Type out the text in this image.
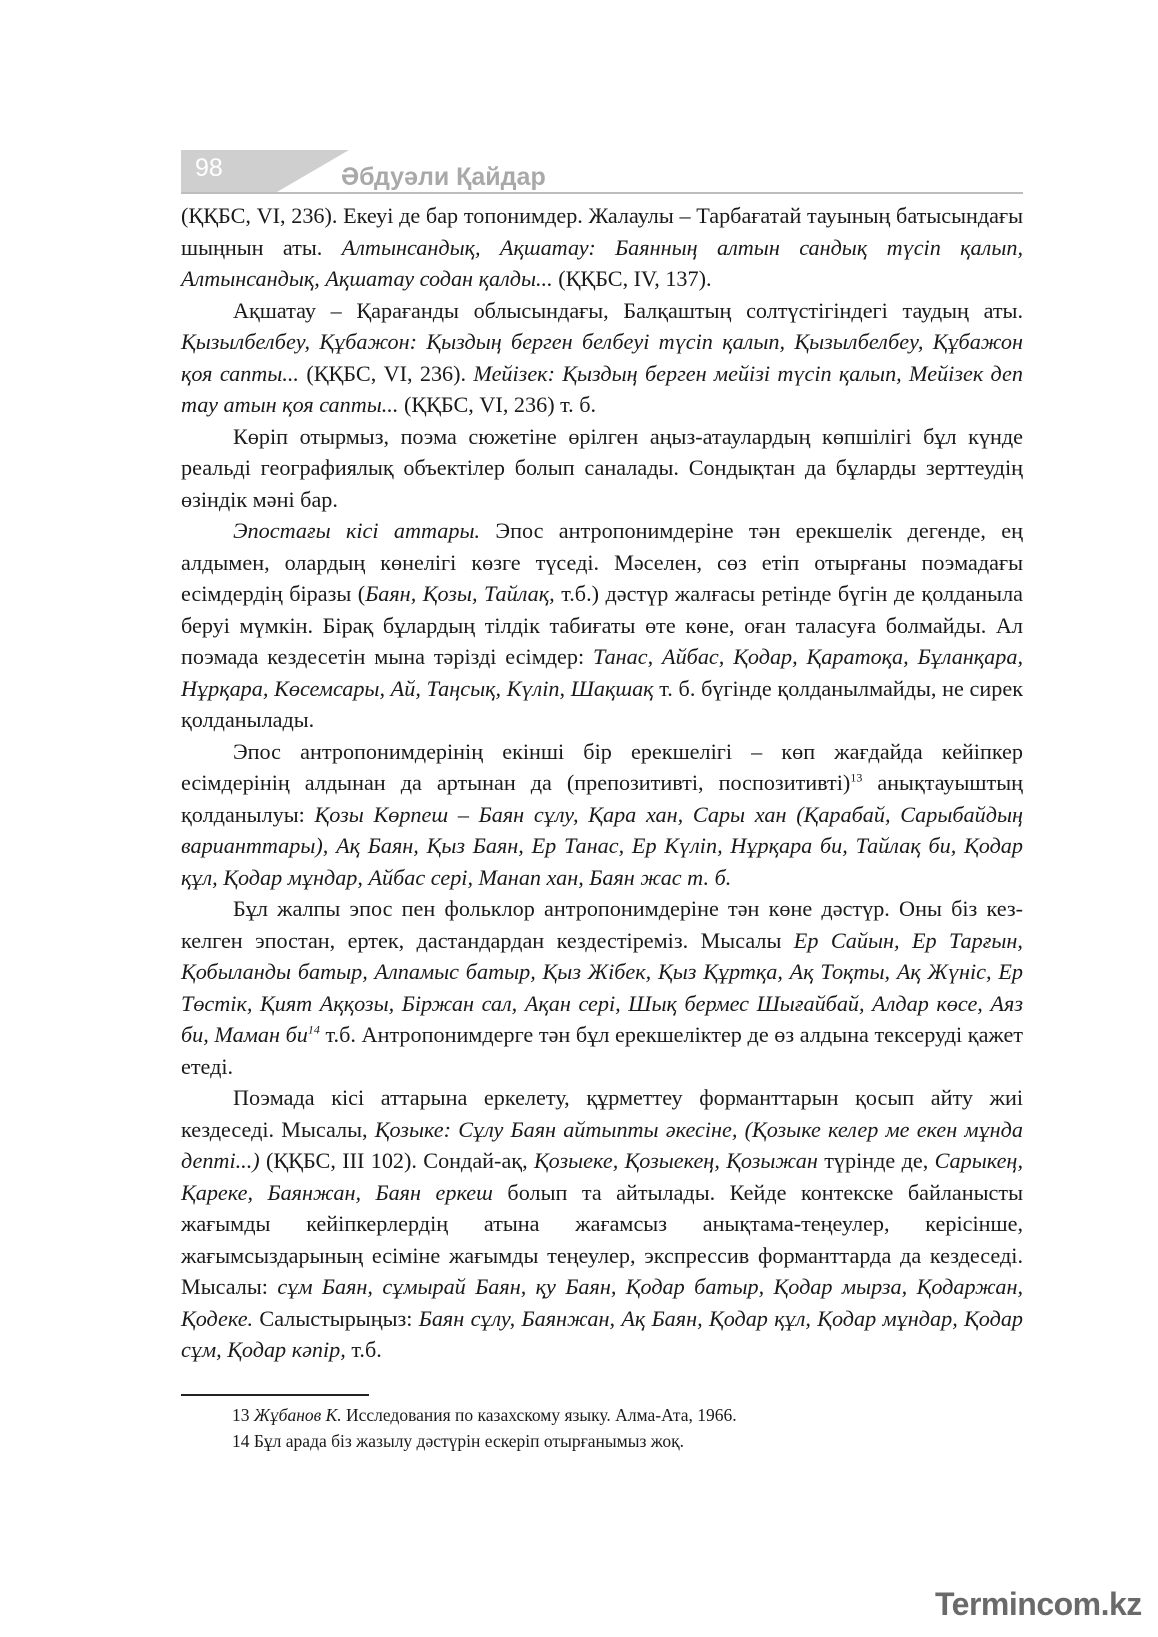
98	Әбдуәли Қайдар

(ҚҚБС, VI, 236). Екеуі де бар топонимдер. Жалаулы – Тарбағатай тауының батысындағы шыңнын аты. Алтынсандық, Ақшатау: Баянның алтын сандық түсіп қалып, Алтынсандық, Ақшатау содан қалды... (ҚҚБС, IV, 137).

Ақшатау – Қарағанды облысындағы, Балқаштың солтүстігіндегі таудың аты. Қызылбелбеу, Құбажон: Қыздың берген белбеуі түсіп қалып, Қызылбелбеу, Құбажон қоя сапты... (ҚҚБС, VI, 236). Мейізек: Қыздың берген мейізі түсіп қалып, Мейізек деп тау атын қоя сапты... (ҚҚБС, VI, 236) т. б.

Көріп отырмыз, поэма сюжетіне өрілген аңыз-атаулардың көпшілігі бұл күнде реальді географиялық объектілер болып саналады. Сондықтан да бұларды зерттеудің өзіндік мәні бар.

Эпостағы кісі аттары. Эпос антропонимдеріне тән ерекшелік дегенде, ең алдымен, олардың көнелігі көзге түседі. Мәселен, сөз етіп отырғаны поэмадағы есімдердің біразы (Баян, Қозы, Тайлақ, т.б.) дәстүр жалғасы ретінде бүгін де қолданыла беруі мүмкін. Бірақ бұлардың тілдік табиғаты өте көне, оған таласуға болмайды. Ал поэмада кездесетін мына тәрізді есімдер: Танас, Айбас, Қодар, Қаратоқа, Бұланқара, Нұрқара, Көсемсары, Ай, Таңсық, Күліп, Шақшақ т. б. бүгінде қолданылмайды, не сирек қолданылады.

Эпос антропонимдерінің екінші бір ерекшелігі – көп жағдайда кейіпкер есімдерінің алдынан да артынан да (препозитивті, поспозитивті)$^{13}$ анықтауыштың қолданылуы: Қозы Көрпеш – Баян сұлу, Қара хан, Сары хан (Қарабай, Сарыбайдың варианттары), Ақ Баян, Қыз Баян, Ер Танас, Ер Күліп, Нұрқара би, Тайлақ би, Қодар құл, Қодар мұндар, Айбас сері, Манап хан, Баян жас т. б.

Бұл жалпы эпос пен фольклор антропонимдеріне тән көне дәстүр. Оны біз кез-келген эпостан, ертек, дастандардан кездестіреміз. Мысалы Ер Сайын, Ер Тарғын, Қобыланды батыр, Алпамыс батыр, Қыз Жібек, Қыз Құртқа, Ақ Тоқты, Ақ Жүніс, Ер Төстік, Қият Аққозы, Біржан сал, Ақан сері, Шық бермес Шығайбай, Алдар көсе, Аяз би, Маман $би^{14}$ т.б. Антропонимдерге тән бұл ерекшеліктер де өз алдына тексеруді қажет етеді.

Поэмада кісі аттарына еркелету, құрметтеу форманттарын қосып айту жиі кездеседі. Мысалы, Қозыке: Сұлу Баян айтыпты әкесіне, (Қозыке келер ме екен мұнда депті...) (ҚҚБС, ІІІ 102). Сондай-ақ, Қозыеке, Қозыекең, Қозыжан түрінде де, Сарыкең, Қареке, Баянжан, Баян еркеш болып та айтылады. Кейде контекске байланысты жағымды кейіпкерлердің атына жағамсыз анықтама-теңеулер, керісінше, жағымсыздарының есіміне жағымды теңеулер, экспрессив форманттарда да кездеседі. Мысалы: сұм Баян, сұмырай Баян, қу Баян, Қодар батыр, Қодар мырза, Қодаржан, Қодеке. Салыстырыңыз: Баян сұлу, Баянжан, Ақ Баян, Қодар құл, Қодар мұндар, Қодар сұм, Қодар кәпір, т.б.

13 Жұбанов К. Исследования по казахскому языку. Алма-Ата, 1966.
14 Бұл арада біз жазылу дәстүрін ескеріп отырғанымыз жоқ.
Termincom.kz
